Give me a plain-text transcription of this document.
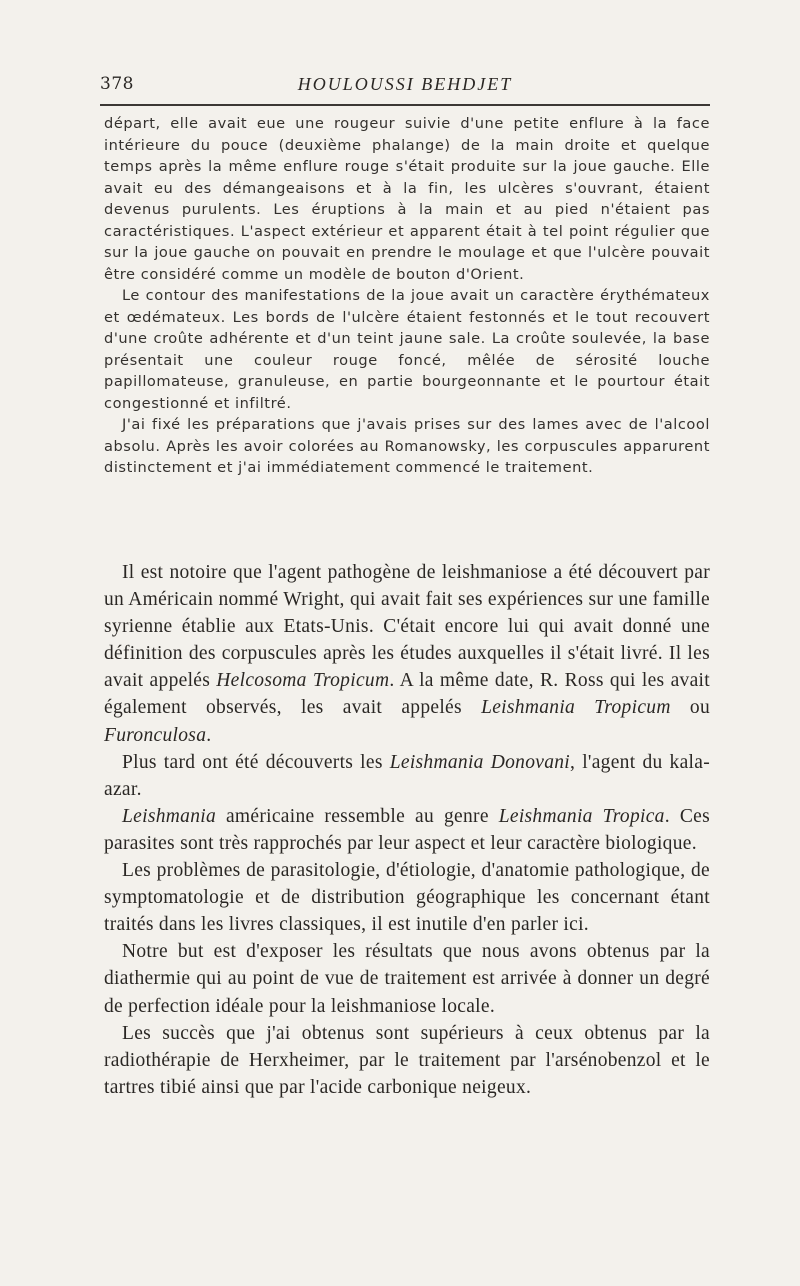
378	HOULOUSSI BEHDJET

départ, elle avait eue une rougeur suivie d'une petite enflure à la face intérieure du pouce (deuxième phalange) de la main droite et quelque temps après la même enflure rouge s'était produite sur la joue gauche. Elle avait eu des démangeaisons et à la fin, les ulcères s'ouvrant, étaient devenus purulents. Les éruptions à la main et au pied n'étaient pas caractéristiques. L'aspect extérieur et apparent était à tel point régulier que sur la joue gauche on pouvait en prendre le moulage et que l'ulcère pouvait être considéré comme un modèle de bouton d'Orient.

Le contour des manifestations de la joue avait un caractère érythémateux et œdémateux. Les bords de l'ulcère étaient festonnés et le tout recouvert d'une croûte adhérente et d'un teint jaune sale. La croûte soulevée, la base présentait une couleur rouge foncé, mêlée de sérosité louche papillomateuse, granuleuse, en partie bourgeonnante et le pourtour était congestionné et infiltré.

J'ai fixé les préparations que j'avais prises sur des lames avec de l'alcool absolu. Après les avoir colorées au Romanowsky, les corpuscules apparurent distinctement et j'ai immédiatement commencé le traitement.

Il est notoire que l'agent pathogène de leishmaniose a été découvert par un Américain nommé Wright, qui avait fait ses expériences sur une famille syrienne établie aux Etats-Unis. C'était encore lui qui avait donné une définition des corpuscules après les études auxquelles il s'était livré. Il les avait appelés Helcosoma Tropicum. A la même date, R. Ross qui les avait également observés, les avait appelés Leishmania Tropicum ou Furonculosa.

Plus tard ont été découverts les Leishmania Donovani, l'agent du kala-azar.

Leishmania américaine ressemble au genre Leishmania Tropica. Ces parasites sont très rapprochés par leur aspect et leur caractère biologique.

Les problèmes de parasitologie, d'étiologie, d'anatomie pathologique, de symptomatologie et de distribution géographique les concernant étant traités dans les livres classiques, il est inutile d'en parler ici.

Notre but est d'exposer les résultats que nous avons obtenus par la diathermie qui au point de vue de traitement est arrivée à donner un degré de perfection idéale pour la leishmaniose locale.

Les succès que j'ai obtenus sont supérieurs à ceux obtenus par la radiothérapie de Herxheimer, par le traitement par l'arsénobenzol et le tartres tibié ainsi que par l'acide carbonique neigeux.
